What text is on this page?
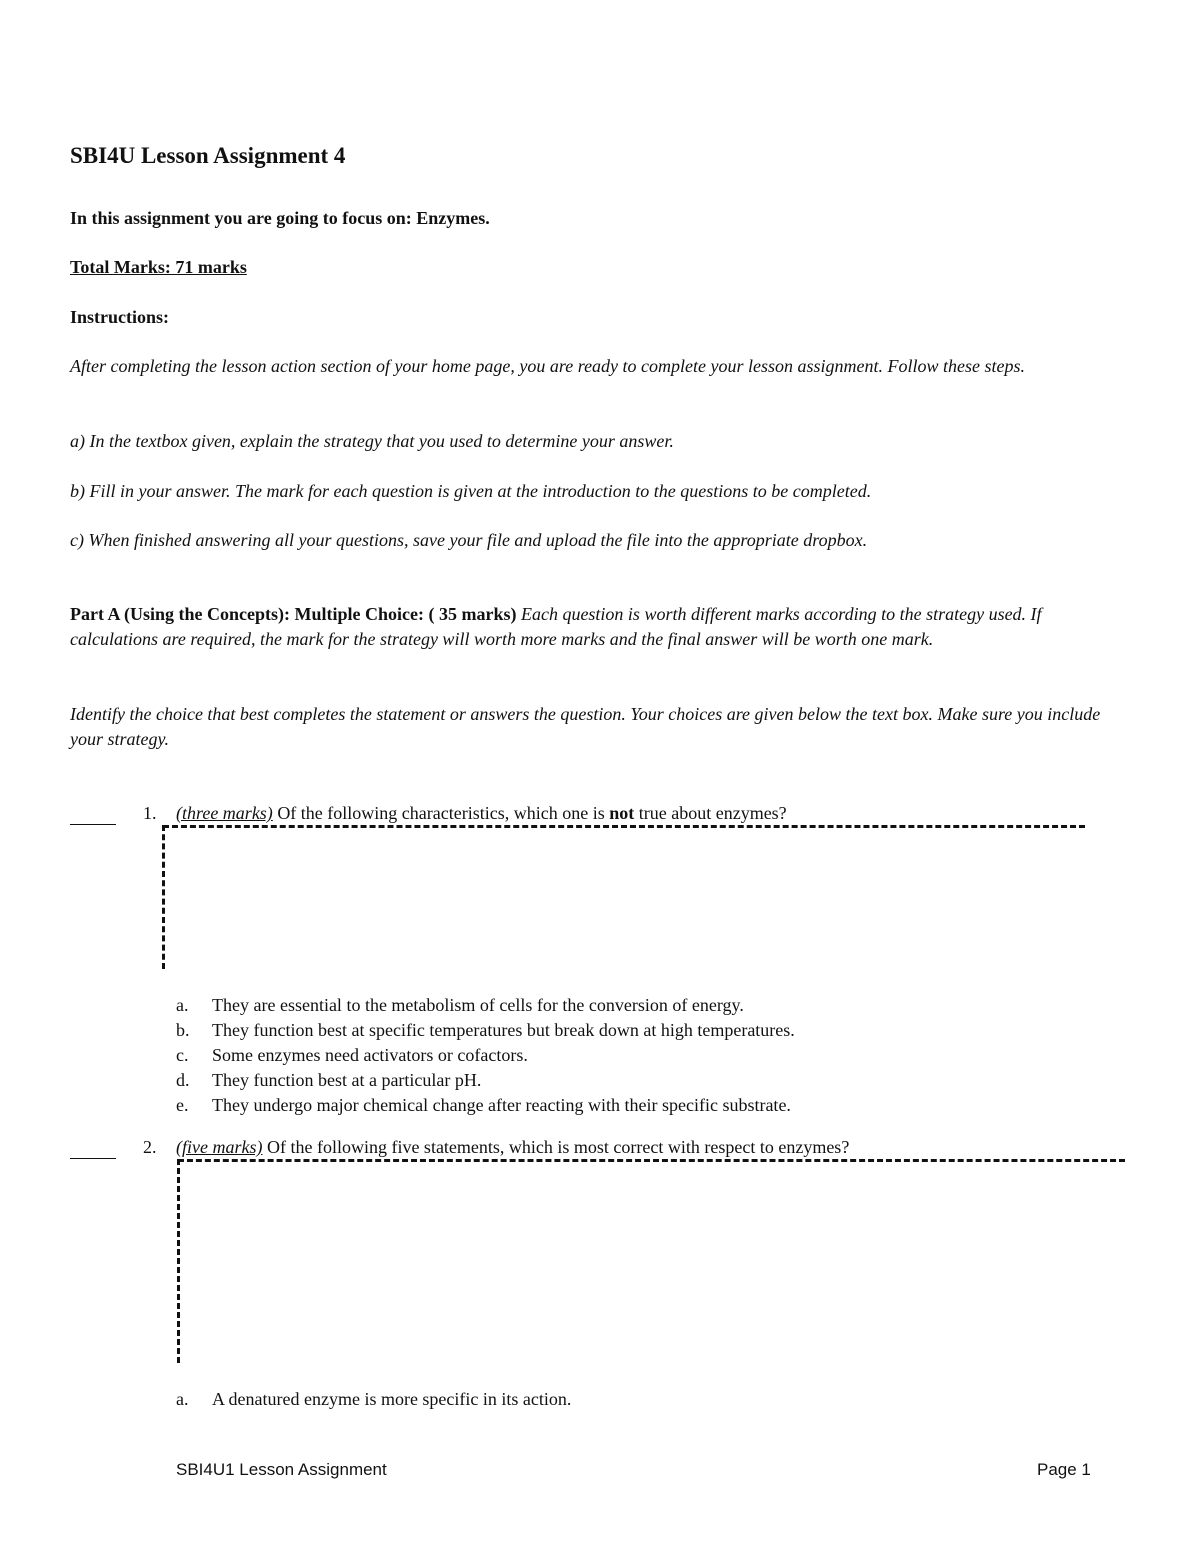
SBI4U Lesson Assignment 4
In this assignment you are going to focus on: Enzymes.
Total Marks: 71 marks
Instructions:
After completing the lesson action section of your home page, you are ready to complete your lesson assignment. Follow these steps.
a) In the textbox given, explain the strategy that you used to determine your answer.
b) Fill in your answer. The mark for each question is given at the introduction to the questions to be completed.
c) When finished answering all your questions, save your file and upload the file into the appropriate dropbox.
Part A (Using the Concepts): Multiple Choice: ( 35 marks) Each question is worth different marks according to the strategy used. If calculations are required, the mark for the strategy will worth more marks and the final answer will be worth one mark.
Identify the choice that best completes the statement or answers the question. Your choices are given below the text box. Make sure you include your strategy.
1. (three marks) Of the following characteristics, which one is not true about enzymes?
a.	They are essential to the metabolism of cells for the conversion of energy.
b.	They function best at specific temperatures but break down at high temperatures.
c.	Some enzymes need activators or cofactors.
d.	They function best at a particular pH.
e.	They undergo major chemical change after reacting with their specific substrate.
2. (five marks) Of the following five statements, which is most correct with respect to enzymes?
a.	A denatured enzyme is more specific in its action.
SBI4U1 Lesson Assignment	Page 1
